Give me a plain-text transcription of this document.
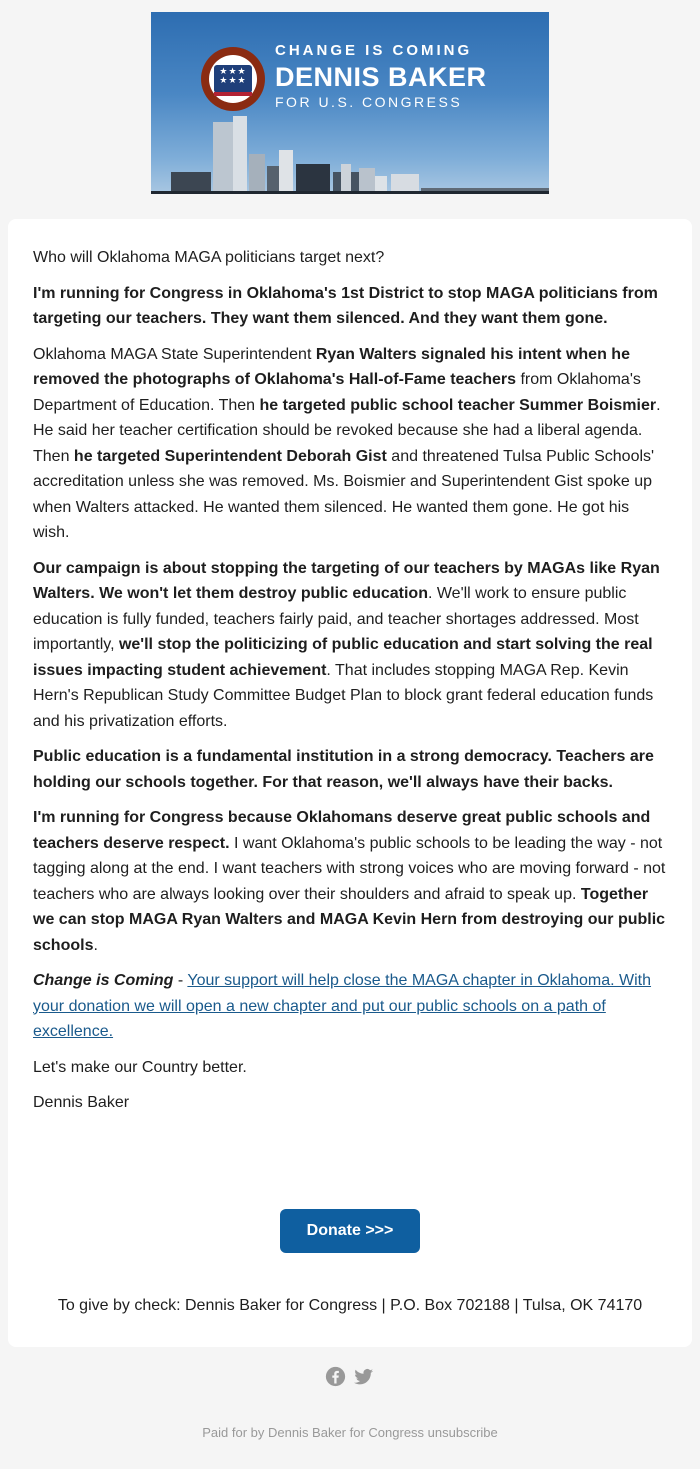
★★★ ★★★
CHANGE IS COMING
DENNIS BAKER
FOR U.S. CONGRESS

Who will Oklahoma MAGA politicians target next?

I'm running for Congress in Oklahoma's 1st District to stop MAGA politicians from targeting our teachers. They want them silenced. And they want them gone.

Oklahoma MAGA State Superintendent Ryan Walters signaled his intent when he removed the photographs of Oklahoma's Hall-of-Fame teachers from Oklahoma's Department of Education. Then he targeted public school teacher Summer Boismier. He said her teacher certification should be revoked because she had a liberal agenda. Then he targeted Superintendent Deborah Gist and threatened Tulsa Public Schools' accreditation unless she was removed. Ms. Boismier and Superintendent Gist spoke up when Walters attacked. He wanted them silenced. He wanted them gone. He got his wish.

Our campaign is about stopping the targeting of our teachers by MAGAs like Ryan Walters. We won't let them destroy public education. We'll work to ensure public education is fully funded, teachers fairly paid, and teacher shortages addressed. Most importantly, we'll stop the politicizing of public education and start solving the real issues impacting student achievement. That includes stopping MAGA Rep. Kevin Hern's Republican Study Committee Budget Plan to block grant federal education funds and his privatization efforts.

Public education is a fundamental institution in a strong democracy. Teachers are holding our schools together. For that reason, we'll always have their backs.

I'm running for Congress because Oklahomans deserve great public schools and teachers deserve respect. I want Oklahoma's public schools to be leading the way - not tagging along at the end. I want teachers with strong voices who are moving forward - not teachers who are always looking over their shoulders and afraid to speak up. Together we can stop MAGA Ryan Walters and MAGA Kevin Hern from destroying our public schools.

Change is Coming - Your support will help close the MAGA chapter in Oklahoma. With your donation we will open a new chapter and put our public schools on a path of excellence.

Let's make our Country better.

Dennis Baker

Donate >>>
To give by check: Dennis Baker for Congress | P.O. Box 702188 | Tulsa, OK 74170
Paid for by Dennis Baker for Congress unsubscribe
